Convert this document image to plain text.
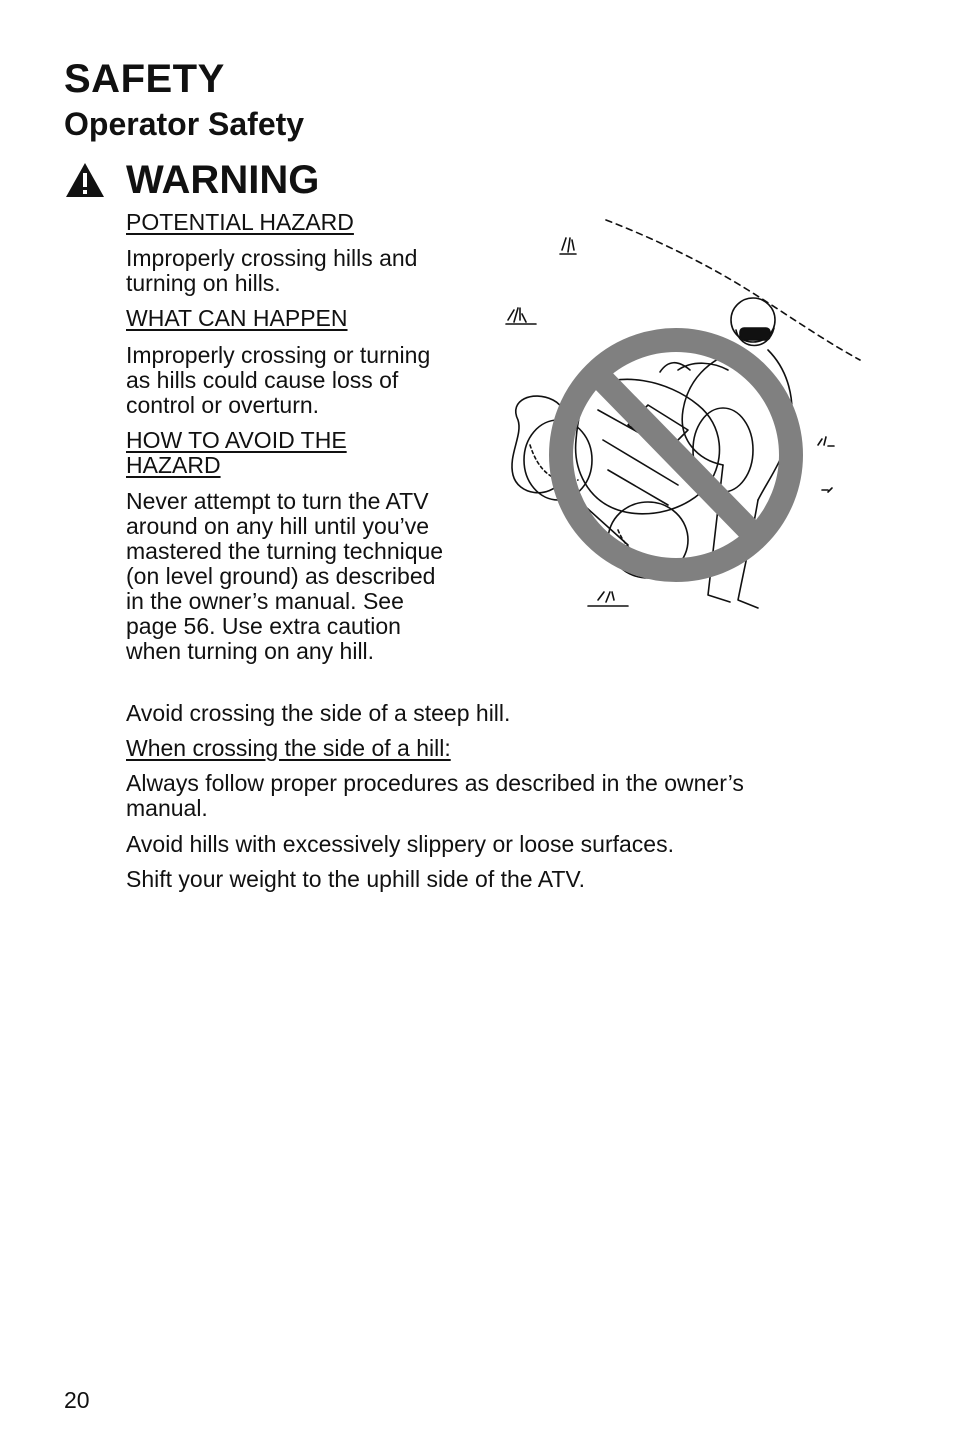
SAFETY
Operator Safety
WARNING

POTENTIAL HAZARD

Improperly crossing hills and turning on hills.

WHAT CAN HAPPEN

Improperly crossing or turning as hills could cause loss of control or overturn.

HOW TO AVOID THE HAZARD

Never attempt to turn the ATV around on any hill until you’ve mastered the turning technique (on level ground) as described in the owner’s manual. See page 56. Use extra caution when turning on any hill.

Avoid crossing the side of a steep hill.

When crossing the side of a hill:

Always follow proper procedures as described in the owner’s manual.

Avoid hills with excessively slippery or loose surfaces.

Shift your weight to the uphill side of the ATV.

20
